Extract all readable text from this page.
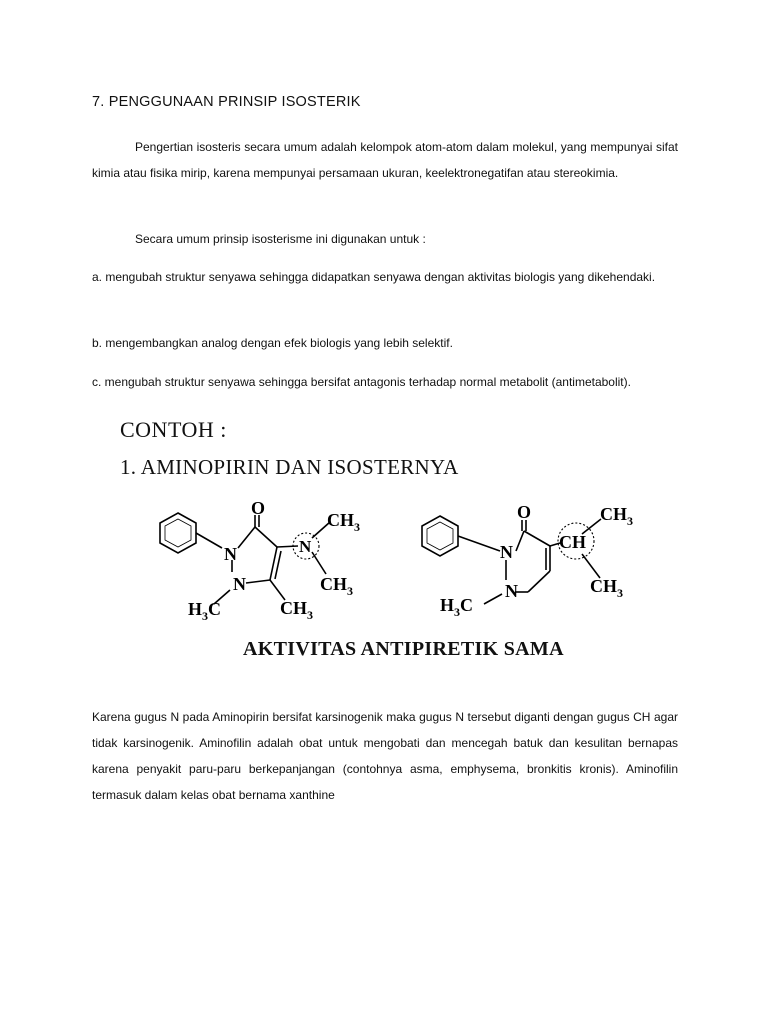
7. PENGGUNAAN PRINSIP ISOSTERIK
Pengertian isosteris secara umum adalah kelompok atom-atom dalam molekul, yang mempunyai sifat kimia atau fisika mirip, karena mempunyai persamaan ukuran, keelektronegatifan atau stereokimia.
Secara umum prinsip isosterisme ini digunakan untuk :
a. mengubah struktur senyawa sehingga didapatkan senyawa dengan aktivitas biologis yang dikehendaki.
b. mengembangkan analog dengan efek biologis yang lebih selektif.
c. mengubah struktur senyawa sehingga bersifat antagonis terhadap normal metabolit (antimetabolit).
CONTOH :
1. AMINOPIRIN DAN ISOSTERNYA
O
N
N
N
$CH_3$
$CH_3$
$H_3C$	$CH_3$
O
N
N
CH
$CH_3$
$CH_3$
$H_3C$
AKTIVITAS ANTIPIRETIK SAMA
Karena gugus N pada Aminopirin bersifat karsinogenik maka gugus N tersebut diganti dengan gugus CH agar tidak karsinogenik. Aminofilin adalah obat untuk mengobati dan mencegah batuk dan kesulitan bernapas karena penyakit paru-paru berkepanjangan (contohnya asma, emphysema, bronkitis kronis). Aminofilin termasuk dalam kelas obat bernama xanthine
